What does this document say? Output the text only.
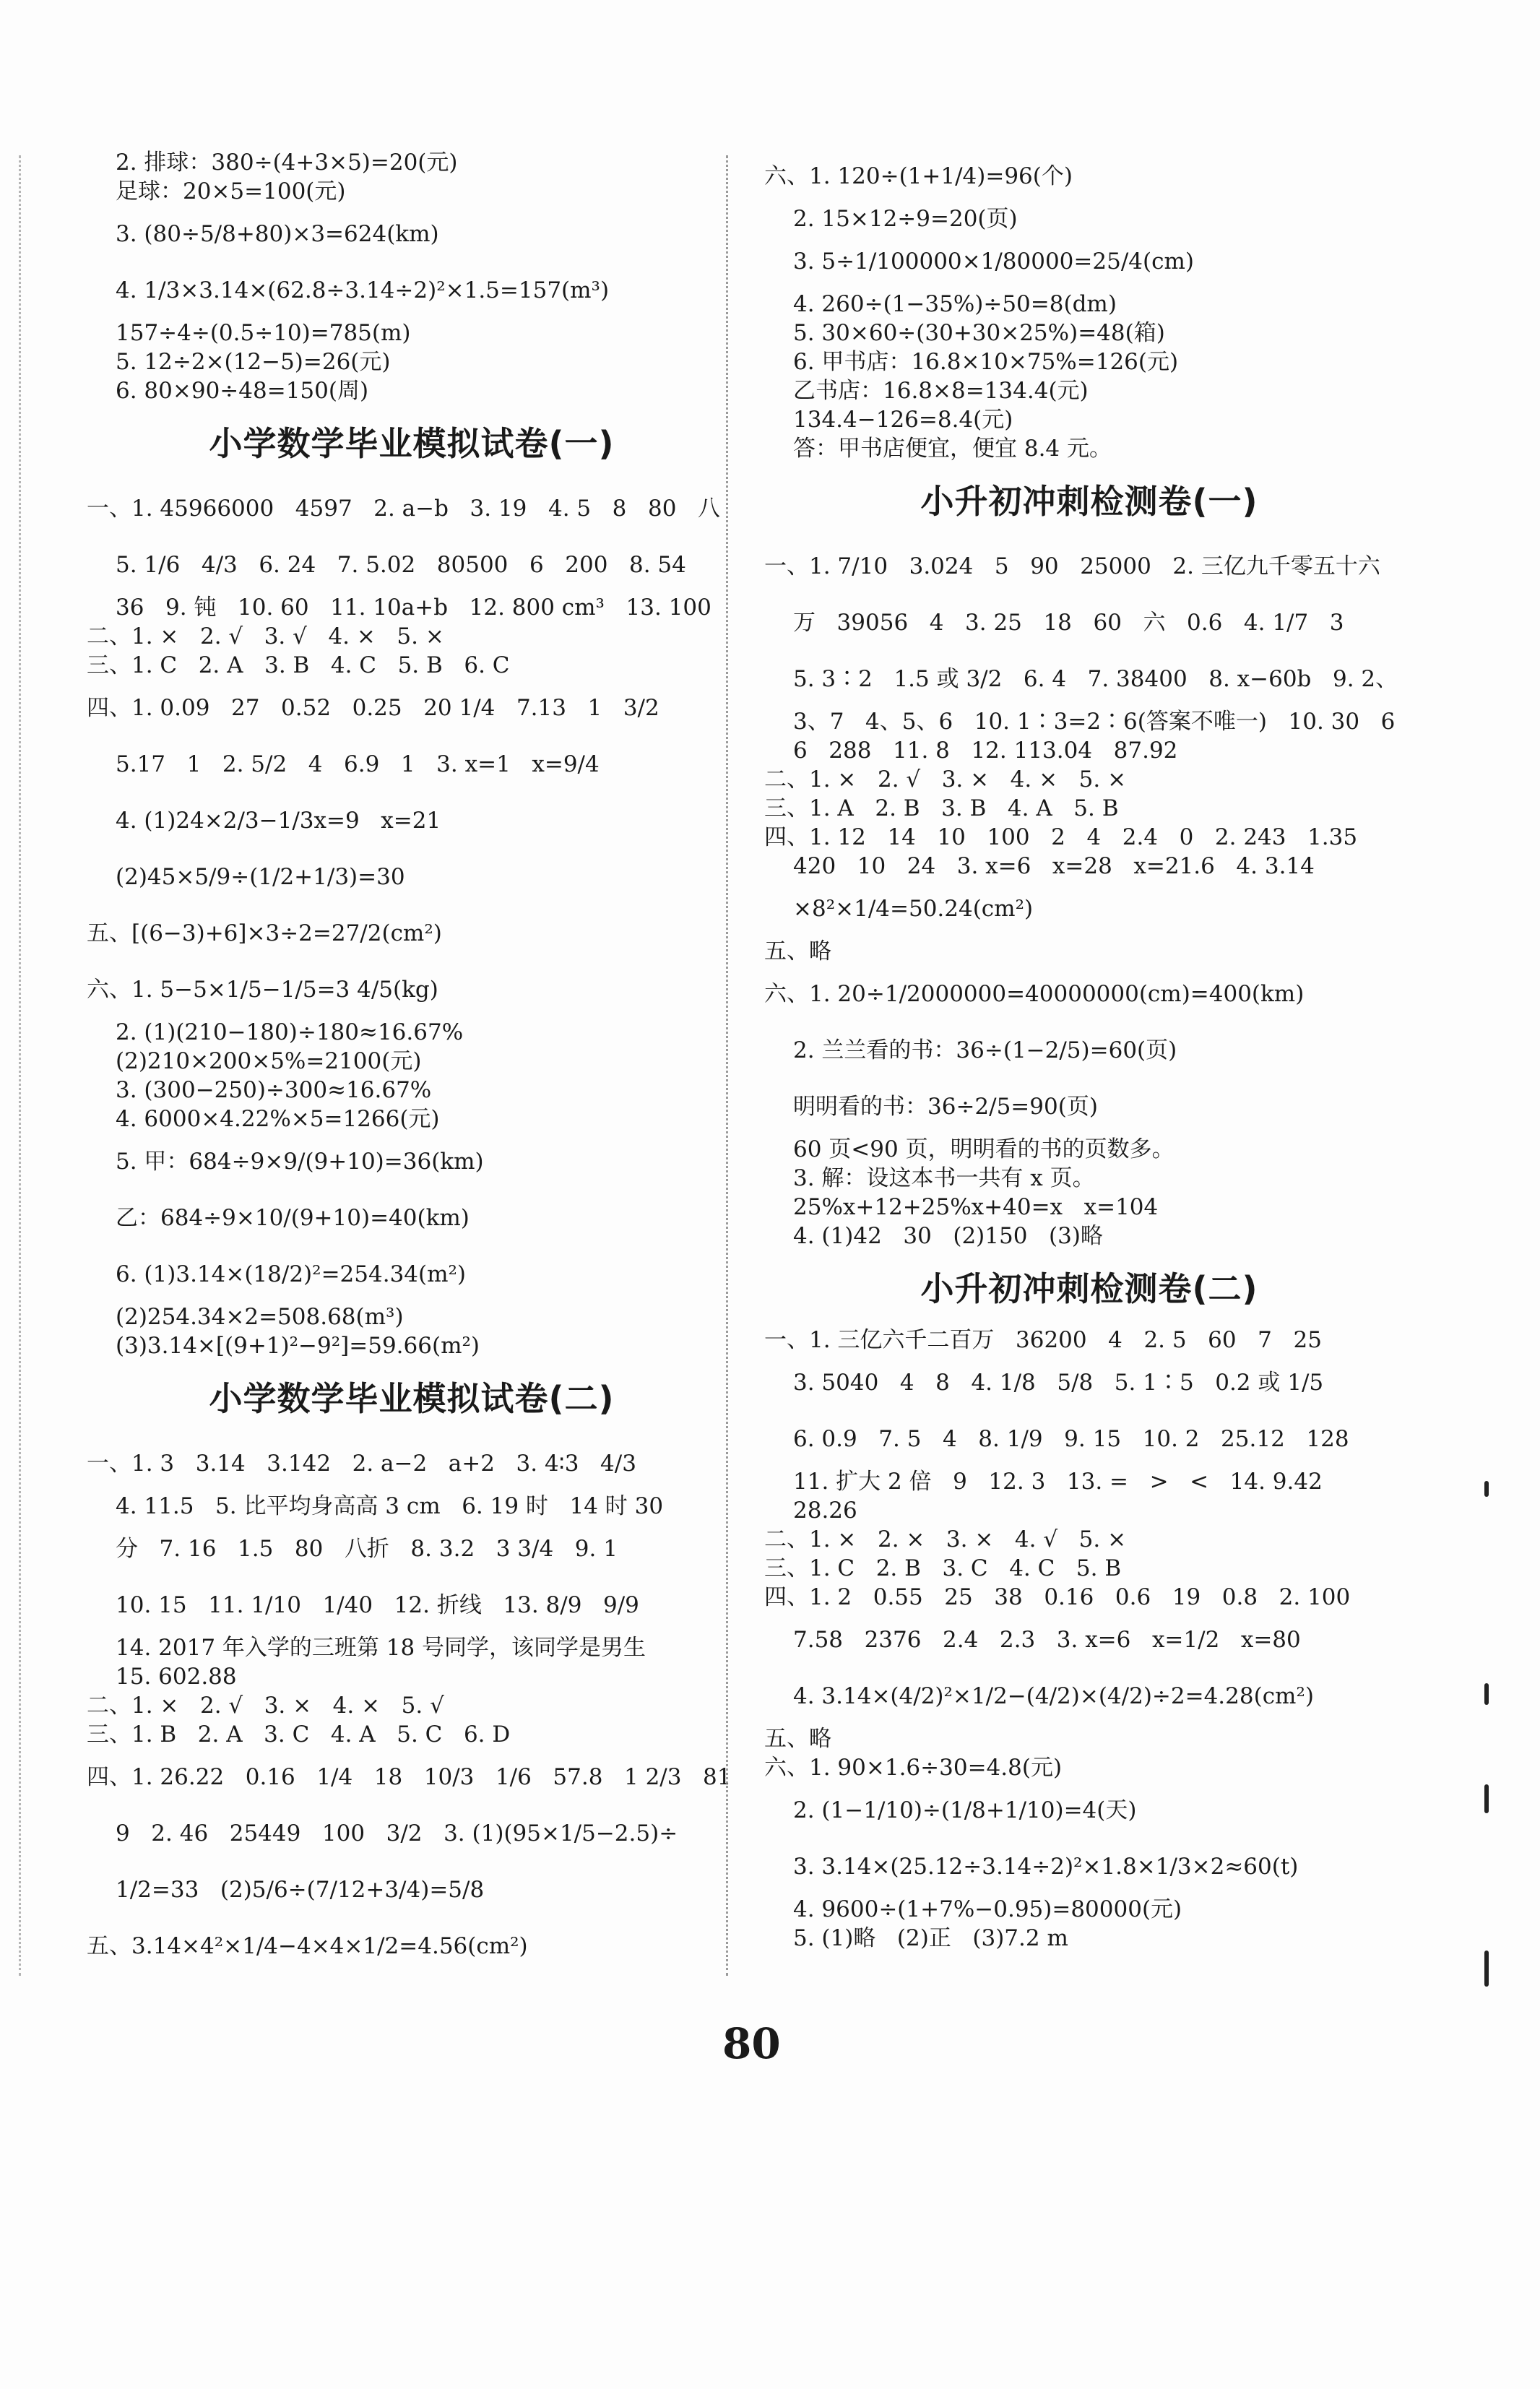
2. 排球：380÷(4+3×5)=20(元)
足球：20×5=100(元)
3. (80÷5/8+80)×3=624(km)
4. 1/3×3.14×(62.8÷3.14÷2)²×1.5=157(m³)
157÷4÷(0.5÷10)=785(m)
5. 12÷2×(12−5)=26(元)
6. 80×90÷48=150(周)
小学数学毕业模拟试卷(一)
一、1. 45966000   4597   2. a−b   3. 19   4. 5   8   80   八
5. 1/6   4/3   6. 24   7. 5.02   80500   6   200   8. 54
36   9. 钝   10. 60   11. 10a+b   12. 800 cm³   13. 100
二、1. ×   2. √   3. √   4. ×   5. ×
三、1. C   2. A   3. B   4. C   5. B   6. C
四、1. 0.09   27   0.52   0.25   20 1/4   7.13   1   3/2
5.17   1   2. 5/2   4   6.9   1   3. x=1   x=9/4
4. (1)24×2/3−1/3x=9   x=21
(2)45×5/9÷(1/2+1/3)=30
五、[(6−3)+6]×3÷2=27/2(cm²)
六、1. 5−5×1/5−1/5=3 4/5(kg)
2. (1)(210−180)÷180≈16.67%
(2)210×200×5%=2100(元)
3. (300−250)÷300≈16.67%
4. 6000×4.22%×5=1266(元)
5. 甲：684÷9×9/(9+10)=36(km)
乙：684÷9×10/(9+10)=40(km)
6. (1)3.14×(18/2)²=254.34(m²)
(2)254.34×2=508.68(m³)
(3)3.14×[(9+1)²−9²]=59.66(m²)
小学数学毕业模拟试卷(二)
一、1. 3   3.14   3.142   2. a−2   a+2   3. 4∶3   4/3
4. 11.5   5. 比平均身高高 3 cm   6. 19 时   14 时 30
分   7. 16   1.5   80   八折   8. 3.2   3 3/4   9. 1
10. 15   11. 1/10   1/40   12. 折线   13. 8/9   9/9
14. 2017 年入学的三班第 18 号同学，该同学是男生
15. 602.88
二、1. ×   2. √   3. ×   4. ×   5. √
三、1. B   2. A   3. C   4. A   5. C   6. D
四、1. 26.22   0.16   1/4   18   10/3   1/6   57.8   1 2/3   81
9   2. 46   25449   100   3/2   3. (1)(95×1/5−2.5)÷
1/2=33   (2)5/6÷(7/12+3/4)=5/8
五、3.14×4²×1/4−4×4×1/2=4.56(cm²)
六、1. 120÷(1+1/4)=96(个)
2. 15×12÷9=20(页)
3. 5÷1/100000×1/80000=25/4(cm)
4. 260÷(1−35%)÷50=8(dm)
5. 30×60÷(30+30×25%)=48(箱)
6. 甲书店：16.8×10×75%=126(元)
乙书店：16.8×8=134.4(元)
134.4−126=8.4(元)
答：甲书店便宜，便宜 8.4 元。
小升初冲刺检测卷(一)
一、1. 7/10   3.024   5   90   25000   2. 三亿九千零五十六
万   39056   4   3. 25   18   60   六   0.6   4. 1/7   3
5. 3∶2   1.5 或 3/2   6. 4   7. 38400   8. x−60b   9. 2、
3、7   4、5、6   10. 1∶3=2∶6(答案不唯一)   10. 30   6
6   288   11. 8   12. 113.04   87.92
二、1. ×   2. √   3. ×   4. ×   5. ×
三、1. A   2. B   3. B   4. A   5. B
四、1. 12   14   10   100   2   4   2.4   0   2. 243   1.35
420   10   24   3. x=6   x=28   x=21.6   4. 3.14
×8²×1/4=50.24(cm²)
五、略
六、1. 20÷1/2000000=40000000(cm)=400(km)
2. 兰兰看的书：36÷(1−2/5)=60(页)
明明看的书：36÷2/5=90(页)
60 页<90 页，明明看的书的页数多。
3. 解：设这本书一共有 x 页。
25%x+12+25%x+40=x   x=104
4. (1)42   30   (2)150   (3)略
小升初冲刺检测卷(二)
一、1. 三亿六千二百万   36200   4   2. 5   60   7   25
3. 5040   4   8   4. 1/8   5/8   5. 1∶5   0.2 或 1/5
6. 0.9   7. 5   4   8. 1/9   9. 15   10. 2   25.12   128
11. 扩大 2 倍   9   12. 3   13. =   >   <   14. 9.42
28.26
二、1. ×   2. ×   3. ×   4. √   5. ×
三、1. C   2. B   3. C   4. C   5. B
四、1. 2   0.55   25   38   0.16   0.6   19   0.8   2. 100
7.58   2376   2.4   2.3   3. x=6   x=1/2   x=80
4. 3.14×(4/2)²×1/2−(4/2)×(4/2)÷2=4.28(cm²)
五、略
六、1. 90×1.6÷30=4.8(元)
2. (1−1/10)÷(1/8+1/10)=4(天)
3. 3.14×(25.12÷3.14÷2)²×1.8×1/3×2≈60(t)
4. 9600÷(1+7%−0.95)=80000(元)
5. (1)略   (2)正   (3)7.2 m
80
